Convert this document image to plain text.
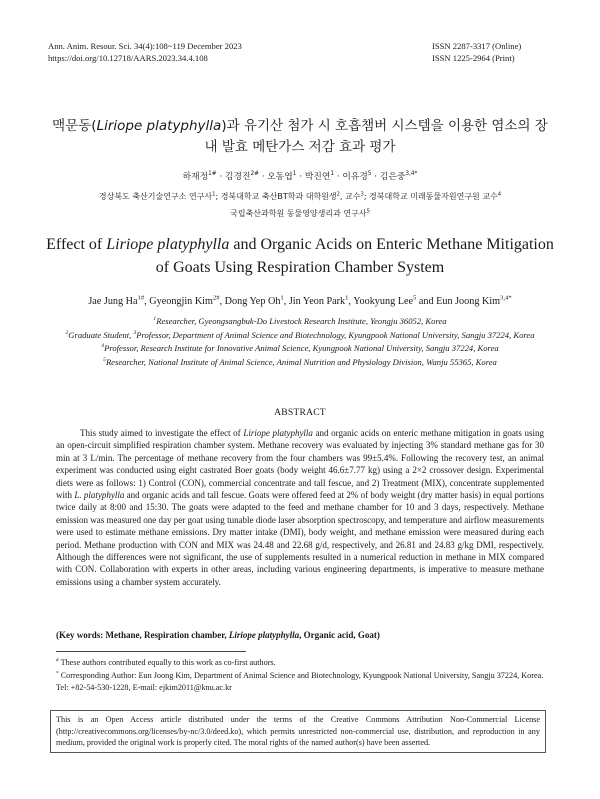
Ann. Anim. Resour. Sci. 34(4):108~119 December 2023
https://doi.org/10.12718/AARS.2023.34.4.108
ISSN 2287-3317 (Online)
ISSN 1225-2964 (Print)
맥문동(Liriope platyphylla)과 유기산 첨가 시 호흡챔버 시스템을 이용한 염소의 장
내 발효 메탄가스 저감 효과 평가
하재정$^{1\#}$ · 김경진$^{2\#}$ · 오동엽$^1$ · 박진연$^1$ · 이유경$^5$ · 김은중$^{3,4*}$
경상북도 축산기술연구소 연구사$^1$; 경북대학교 축산BT학과 대학원생$^2$, 교수$^3$; 경북대학교 미래동물자원연구원 교수$^4$
국립축산과학원 동물영양생리과 연구사$^5$
Effect of Liriope platyphylla and Organic Acids on Enteric Methane Mitigation
of Goats Using Respiration Chamber System
Jae Jung $Ha^{1\#}$, Gyeongjin Kim$^{2\#}$, Dong Yep Oh$^1$, Jin Yeon Park$^1$, Yookyung Lee$^5$ and Eun Joong Kim$^{3,4*}$

$^1$Researcher, Gyeongsangbuk-Do Livestock Research Institute, Yeongju 36052, Korea

$^2$Graduate Student, $^3$Professor, Department of Animal Science and Biotechnology, Kyungpook National University, Sangju 37224, Korea

$^4$Professor, Research Institute for Innovative Animal Science, Kyungpook National University, Sangju 37224, Korea

$^5$Researcher, National Institute of Animal Science, Animal Nutrition and Physiology Division, Wanju 55365, Korea

ABSTRACT
This study aimed to investigate the effect of Liriope platyphylla and organic acids on enteric methane mitigation in goats using an open-circuit simplified respiration chamber system. Methane recovery was evaluated by injecting 3% standard methane gas for 30 min at 3 L/min. The percentage of methane recovery from the four chambers was 99±5.4%. Following the recovery test, an animal experiment was conducted using eight castrated Boer goats (body weight 46.6±7.77 kg) using a 2×2 crossover design. Experimental diets were as follows: 1) Control (CON), commercial concentrate and tall fescue, and 2) Treatment (MIX), concentrate supplemented with L. platyphylla and organic acids and tall fescue. Goats were offered feed at 2% of body weight (dry matter basis) in equal portions twice daily at 8:00 and 15:30. The goats were adapted to the feed and methane chamber for 10 and 3 days, respectively. Methane emission was measured one day per goat using tunable diode laser absorption spectroscopy, and temperature and airflow measurements were used to estimate methane emissions. Dry matter intake (DMI), body weight, and methane emission were measured during each period. Methane production with CON and MIX was 24.48 and 22.68 g/d, respectively, and 26.81 and 24.83 g/kg DMI, respectively. Although the differences were not significant, the use of supplements resulted in a numerical reduction in methane in MIX compared with CON. Collaboration with experts in other areas, including various engineering departments, is imperative to measure methane emissions using a chamber system accurately.
(Key words: Methane, Respiration chamber, Liriope platyphylla, Organic acid, Goat)
# These authors contributed equally to this work as co-first authors.
* Corresponding Author: Eun Joong Kim, Department of Animal Science and Biotechnology, Kyungpook National University, Sangju 37224, Korea. Tel: +82-54-530-1228, E-mail: ejkim2011@knu.ac.kr
This is an Open Access article distributed under the terms of the Creative Commons Attribution Non-Commercial License (http://creativecommons.org/licenses/by-nc/3.0/deed.ko), which permits unrestricted non-commercial use, distribution, and reproduction in any medium, provided the original work is properly cited. The moral rights of the named author(s) have been asserted.
